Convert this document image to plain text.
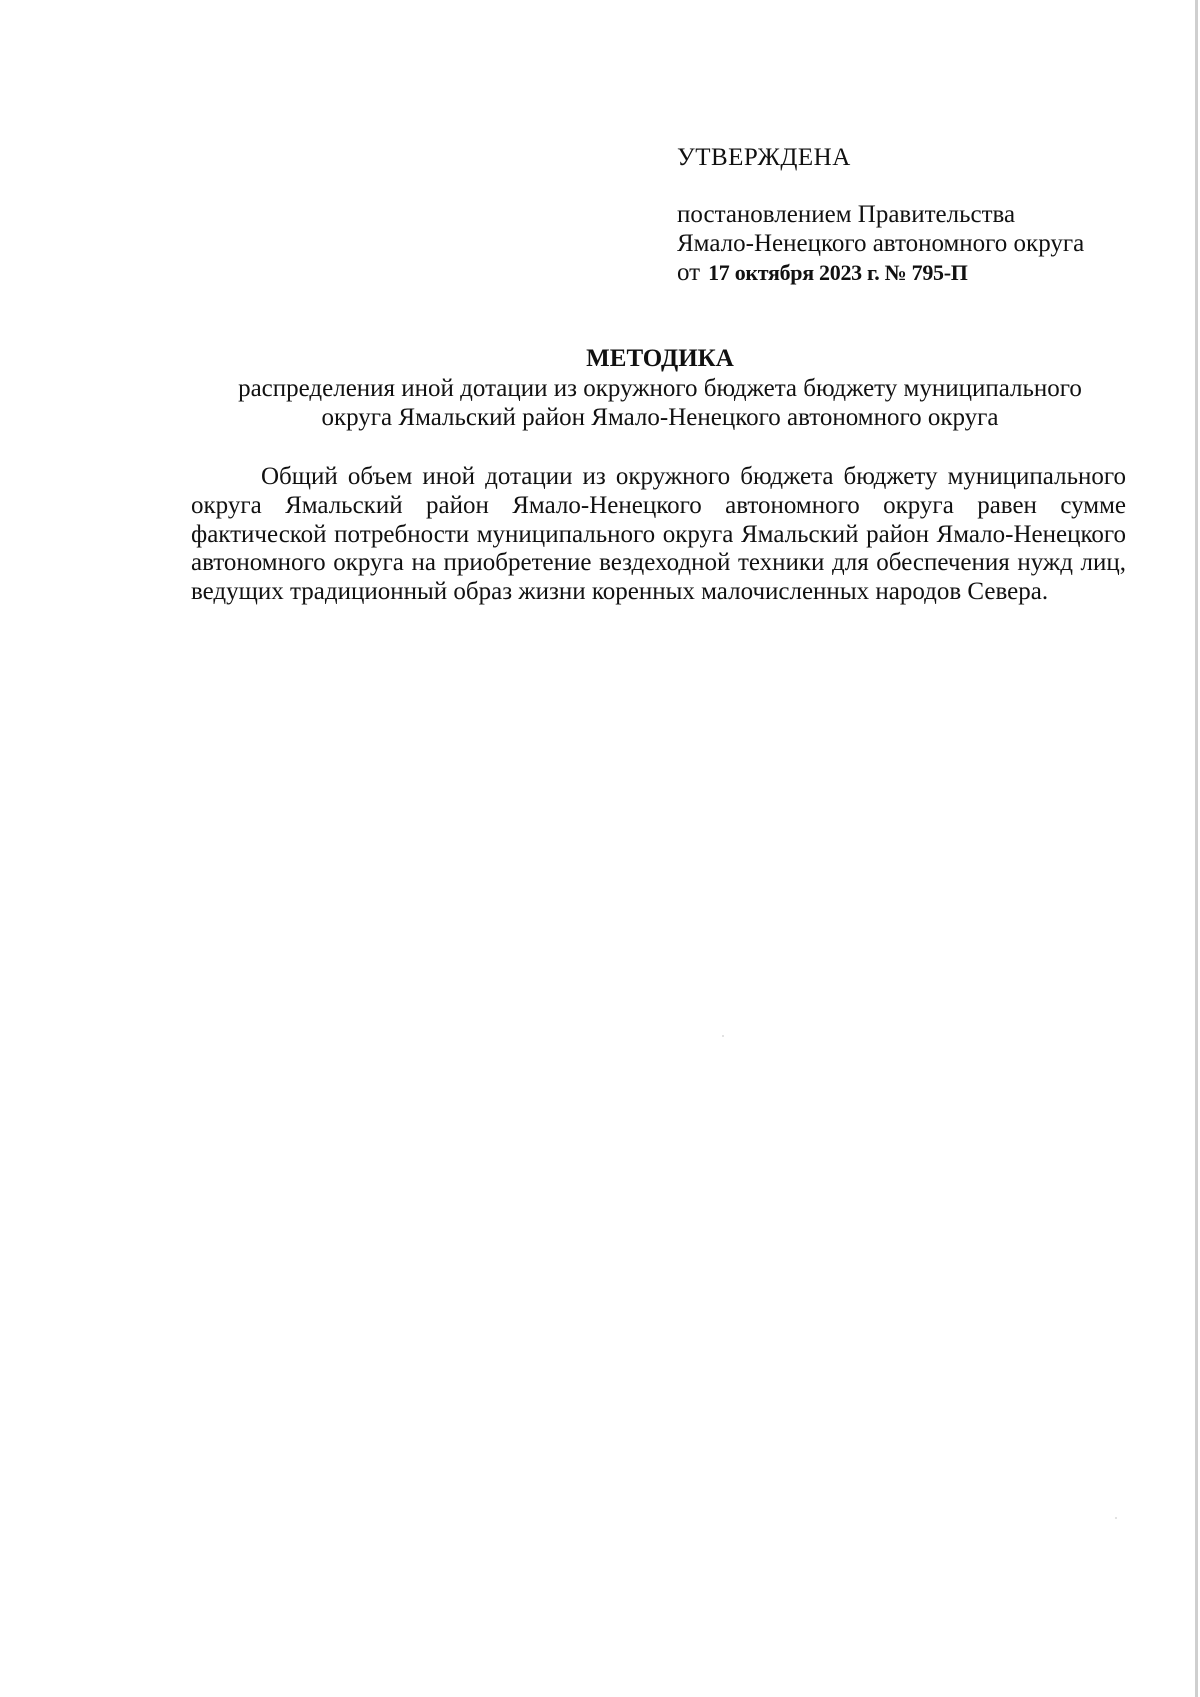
УТВЕРЖДЕНА

постановлением Правительства
Ямало-Ненецкого автономного округа
от 17 октября 2023 г. № 795-П

МЕТОДИКА

распределения иной дотации из окружного бюджета бюджету муниципального

округа Ямальский район Ямало-Ненецкого автономного округа

Общий объем иной дотации из окружного бюджета бюджету муниципального округа Ямальский район Ямало-Ненецкого автономного округа равен сумме фактической потребности муниципального округа Ямальский район Ямало-Ненецкого автономного округа на приобретение вездеходной техники для обеспечения нужд лиц, ведущих традиционный образ жизни коренных малочисленных народов Севера.
